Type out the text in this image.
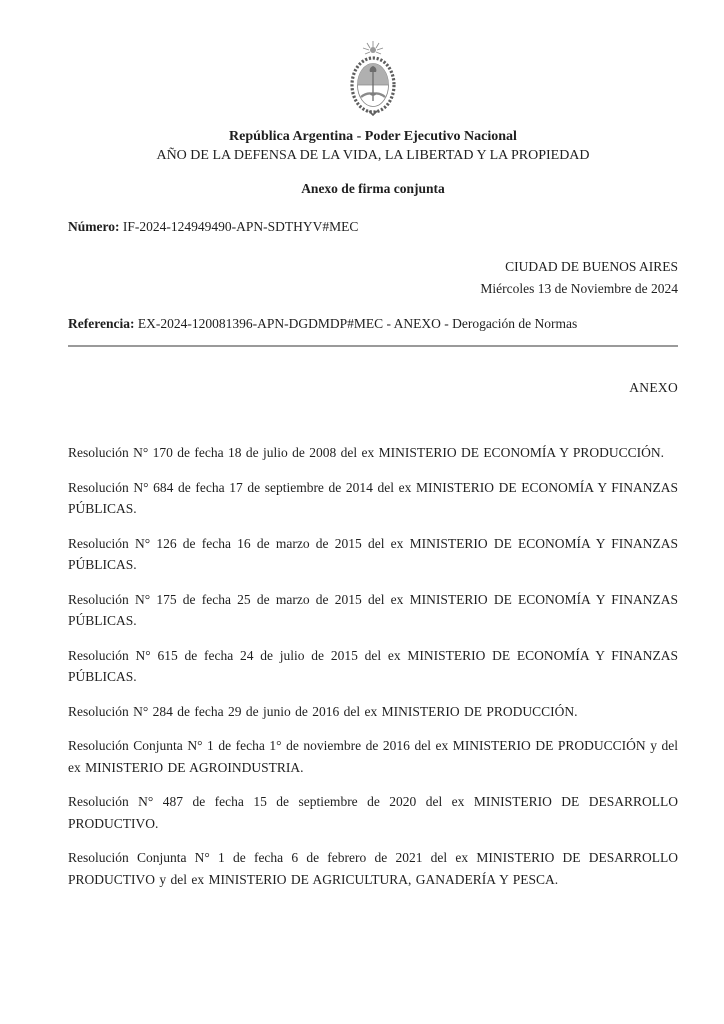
República Argentina - Poder Ejecutivo Nacional
AÑO DE LA DEFENSA DE LA VIDA, LA LIBERTAD Y LA PROPIEDAD
Anexo de firma conjunta
Número: IF-2024-124949490-APN-SDTHYV#MEC
CIUDAD DE BUENOS AIRES
Miércoles 13 de Noviembre de 2024
Referencia: EX-2024-120081396-APN-DGDMDP#MEC - ANEXO - Derogación de Normas
ANEXO

Resolución N° 170 de fecha 18 de julio de 2008 del ex MINISTERIO DE ECONOMÍA Y PRODUCCIÓN.

Resolución N° 684 de fecha 17 de septiembre de 2014 del ex MINISTERIO DE ECONOMÍA Y FINANZAS PÚBLICAS.

Resolución N° 126 de fecha 16 de marzo de 2015 del ex MINISTERIO DE ECONOMÍA Y FINANZAS PÚBLICAS.

Resolución N° 175 de fecha 25 de marzo de 2015 del ex MINISTERIO DE ECONOMÍA Y FINANZAS PÚBLICAS.

Resolución N° 615 de fecha 24 de julio de 2015 del ex MINISTERIO DE ECONOMÍA Y FINANZAS PÚBLICAS.

Resolución N° 284 de fecha 29 de junio de 2016 del ex MINISTERIO DE PRODUCCIÓN.

Resolución Conjunta N° 1 de fecha 1° de noviembre de 2016 del ex MINISTERIO DE PRODUCCIÓN y del ex MINISTERIO DE AGROINDUSTRIA.

Resolución N° 487 de fecha 15 de septiembre de 2020 del ex MINISTERIO DE DESARROLLO PRODUCTIVO.

Resolución Conjunta N° 1 de fecha 6 de febrero de 2021 del ex MINISTERIO DE DESARROLLO PRODUCTIVO y del ex MINISTERIO DE AGRICULTURA, GANADERÍA Y PESCA.
